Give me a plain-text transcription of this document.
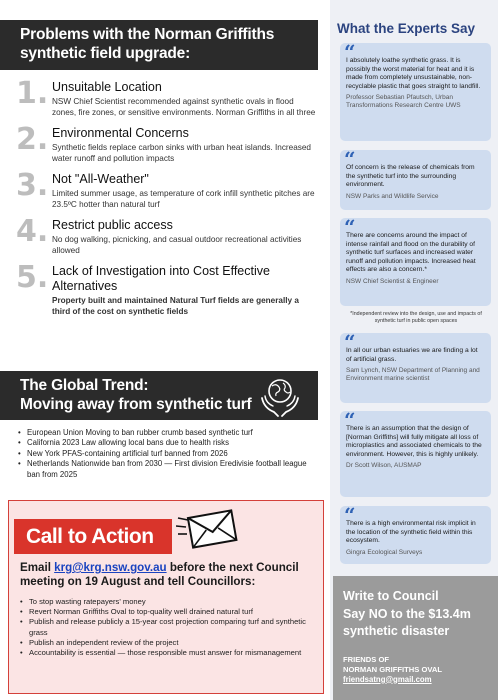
Problems with the Norman Griffiths
synthetic field upgrade:
1. Unsuitable Location

NSW Chief Scientist recommended against synthetic ovals in flood zones, fire zones, or sensitive environments. Norman Griffiths in all three

2. Environmental Concerns

Synthetic fields replace carbon sinks with urban heat islands. Increased water runoff and pollution impacts

3. Not "All-Weather"

Limited summer usage, as temperature of cork infill synthetic pitches are 23.5ºC hotter than natural turf

4. Restrict public access

No dog walking, picnicking, and casual outdoor recreational activities allowed

5. Lack of Investigation into Cost Effective Alternatives

Property built and maintained Natural Turf fields are generally a third of the cost on synthetic fields

The Global Trend:
Moving away from synthetic turf
• European Union Moving to ban rubber crumb based synthetic turf
• California 2023 Law allowing local bans due to health risks
• New York PFAS-containing artificial turf banned from 2026
• Netherlands Nationwide ban from 2030 — First division Eredivisie football league ban from 2025
Call to Action
Email krg@krg.nsw.gov.au before the next Council meeting on 19 August and tell Councillors:
• To stop wasting ratepayers' money
• Revert Norman Griffiths Oval to top-quality well drained natural turf
• Publish and release publicly a 15-year cost projection comparing turf and synthetic grass
• Publish an independent review of the project
• Accountability is essential — those responsible must answer for mismanagement
What the Experts Say
“

I absolutely loathe synthetic grass. It is possibly the worst material for heat and it is made from completely unsustainable, non-recyclable plastic that goes straight to landfill.

Professor Sebastian Pfautsch, Urban Transformations Research Centre UWS

“

Of concern is the release of chemicals from the synthetic turf into the surrounding environment.

NSW Parks and Wildlife Service

“

There are concerns around the impact of intense rainfall and flood on the durability of synthetic turf surfaces and increased water runoff and pollution impacts. Increased heat effects are also a concern.*

NSW Chief Scientist & Engineer

*Independent review into the design, use and impacts of synthetic turf in public open spaces
“

In all our urban estuaries we are finding a lot of artificial grass.

Sam Lynch, NSW Department of Planning and Environment marine scientist

“

There is an assumption that the design of [Norman Griffiths] will fully mitigate all loss of microplastics and associated chemicals to the environment. However, this is highly unlikely.

Dr Scott Wilson, AUSMAP

“

There is a high environmental risk implicit in the location of the synthetic field within this ecosystem.

Gingra Ecological Surveys

Write to Council
Say NO to the $13.4m
synthetic disaster
FRIENDS OF
NORMAN GRIFFITHS OVAL
friendsatng@gmail.com
